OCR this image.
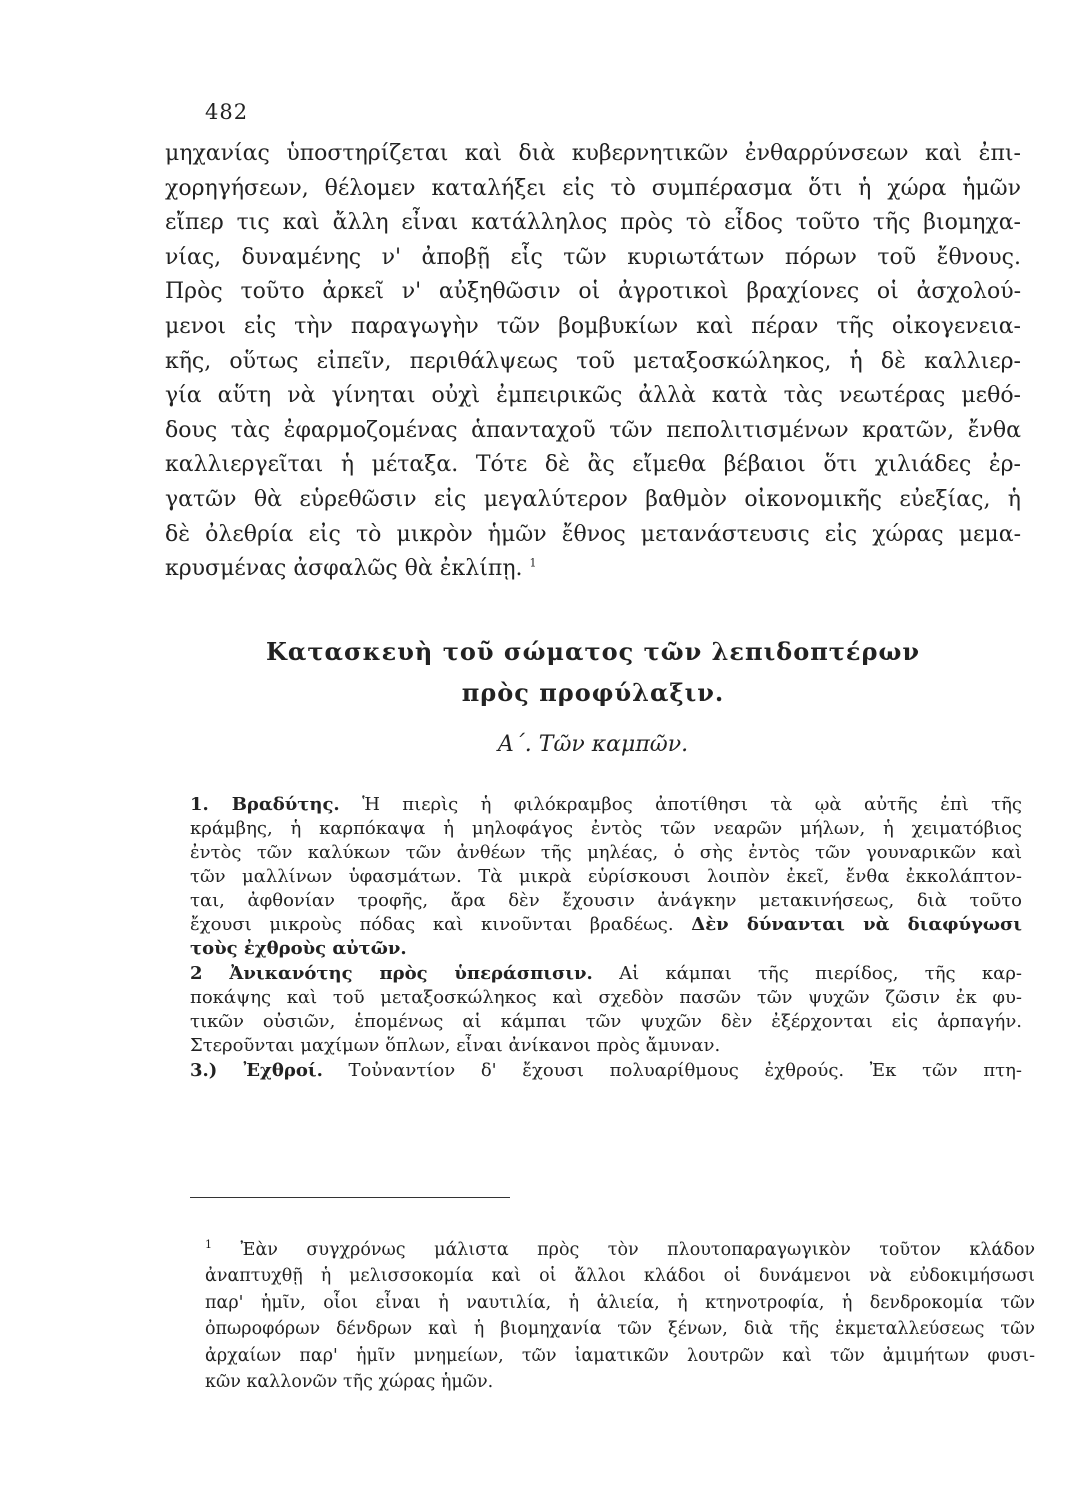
482
μηχανίας ὑποστηρίζεται καὶ διὰ κυβερνητικῶν ἐνθαρρύνσεων καὶ ἐπι-
χορηγήσεων, θέλομεν καταλήξει εἰς τὸ συμπέρασμα ὅτι ἡ χώρα ἡμῶν
εἴπερ τις καὶ ἄλλη εἶναι κατάλληλος πρὸς τὸ εἶδος τοῦτο τῆς βιομηχα-
νίας, δυναμένης ν' ἀποβῇ εἷς τῶν κυριωτάτων πόρων τοῦ ἔθνους.
Πρὸς τοῦτο ἀρκεῖ ν' αὐξηθῶσιν οἱ ἀγροτικοὶ βραχίονες οἱ ἀσχολού-
μενοι εἰς τὴν παραγωγὴν τῶν βομβυκίων καὶ πέραν τῆς οἰκογενεια-
κῆς, οὕτως εἰπεῖν, περιθάλψεως τοῦ μεταξοσκώληκος, ἡ δὲ καλλιερ-
γία αὕτη νὰ γίνηται οὐχὶ ἐμπειρικῶς ἀλλὰ κατὰ τὰς νεωτέρας μεθό-
δους τὰς ἐφαρμοζομένας ἁπανταχοῦ τῶν πεπολιτισμένων κρατῶν, ἔνθα
καλλιεργεῖται ἡ μέταξα. Τότε δὲ ἂς εἴμεθα βέβαιοι ὅτι χιλιάδες ἐρ-
γατῶν θὰ εὑρεθῶσιν εἰς μεγαλύτερον βαθμὸν οἰκονομικῆς εὐεξίας, ἡ
δὲ ὀλεθρία εἰς τὸ μικρὸν ἡμῶν ἔθνος μετανάστευσις εἰς χώρας μεμα-
κρυσμένας ἀσφαλῶς θὰ ἐκλίπῃ. $^1$
Κατασκευὴ τοῦ σώματος τῶν λεπιδοπτέρων
πρὸς προφύλαξιν.
Α΄. Τῶν καμπῶν.
1. Βραδύτης. Ἡ πιερὶς ἡ φιλόκραμβος ἀποτίθησι τὰ ῳὰ αὐτῆς ἐπὶ τῆς
κράμβης, ἡ καρπόκαψα ἡ μηλοφάγος ἐντὸς τῶν νεαρῶν μήλων, ἡ χειματόβιος
ἐντὸς τῶν καλύκων τῶν ἀνθέων τῆς μηλέας, ὁ σὴς ἐντὸς τῶν γουναρικῶν καὶ
τῶν μαλλίνων ὑφασμάτων. Τὰ μικρὰ εὑρίσκουσι λοιπὸν ἐκεῖ, ἔνθα ἐκκολάπτον-
ται, ἀφθονίαν τροφῆς, ἄρα δὲν ἔχουσιν ἀνάγκην μετακινήσεως, διὰ τοῦτο
ἔχουσι μικροὺς πόδας καὶ κινοῦνται βραδέως. Δὲν δύνανται νὰ διαφύγωσι
τοὺς ἐχθροὺς αὐτῶν.
2 Ἀνικανότης πρὸς ὑπεράσπισιν. Αἱ κάμπαι τῆς πιερίδος, τῆς καρ-
ποκάψης καὶ τοῦ μεταξοσκώληκος καὶ σχεδὸν πασῶν τῶν ψυχῶν ζῶσιν ἐκ φυ-
τικῶν οὐσιῶν, ἑπομένως αἱ κάμπαι τῶν ψυχῶν δὲν ἐξέρχονται εἰς ἁρπαγήν.
Στεροῦνται μαχίμων ὅπλων, εἶναι ἀνίκανοι πρὸς ἄμυναν.
3.) Ἐχθροί. Τοὐναντίον δ' ἔχουσι πολυαρίθμους ἐχθρούς. Ἐκ τῶν πτη-
$^1$ Ἐὰν συγχρόνως μάλιστα πρὸς τὸν πλουτοπαραγωγικὸν τοῦτον κλάδον
ἀναπτυχθῇ ἡ μελισσοκομία καὶ οἱ ἄλλοι κλάδοι οἱ δυνάμενοι νὰ εὐδοκιμήσωσι
παρ' ἡμῖν, οἷοι εἶναι ἡ ναυτιλία, ἡ ἁλιεία, ἡ κτηνοτροφία, ἡ δενδροκομία τῶν
ὀπωροφόρων δένδρων καὶ ἡ βιομηχανία τῶν ξένων, διὰ τῆς ἐκμεταλλεύσεως τῶν
ἀρχαίων παρ' ἡμῖν μνημείων, τῶν ἰαματικῶν λουτρῶν καὶ τῶν ἀμιμήτων φυσι-
κῶν καλλονῶν τῆς χώρας ἡμῶν.
